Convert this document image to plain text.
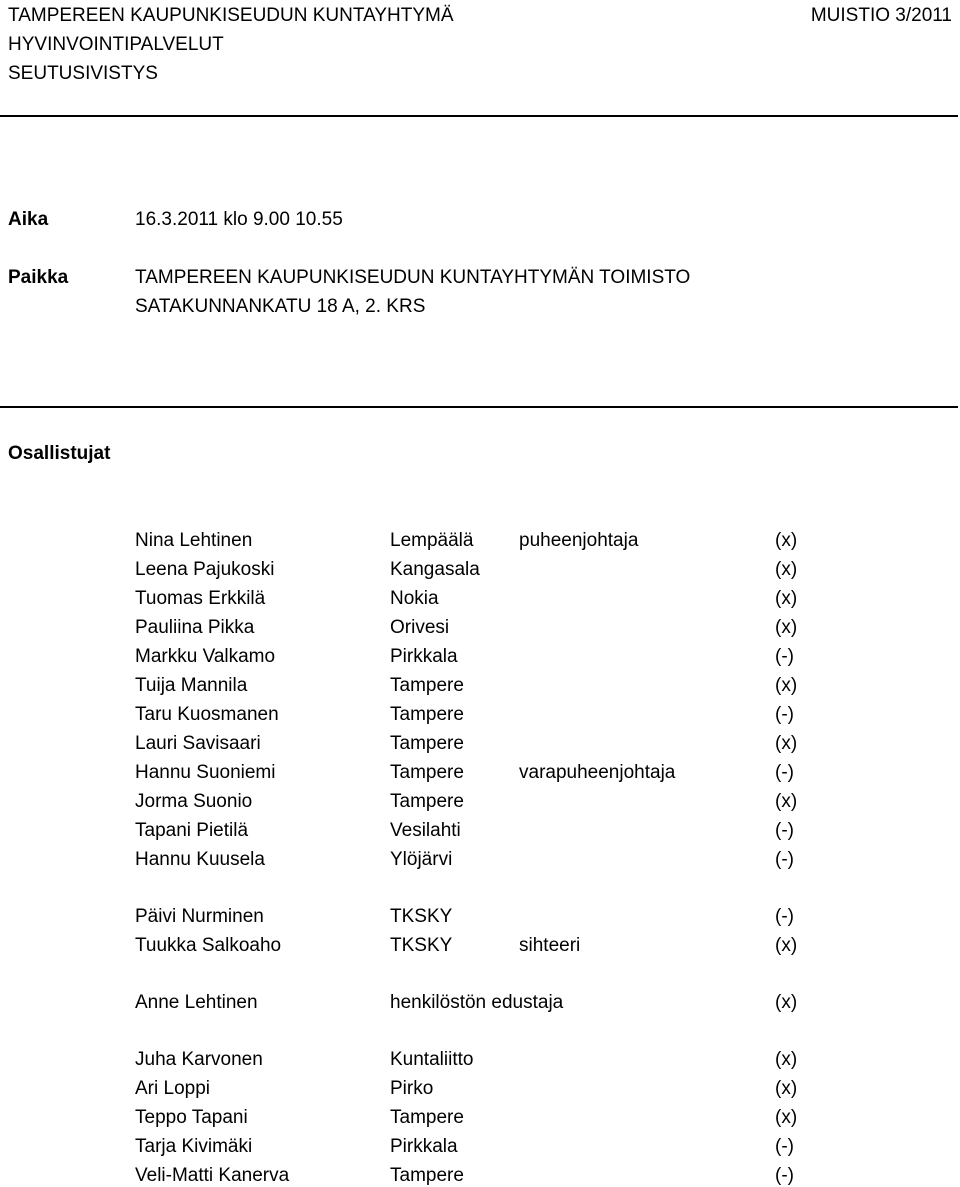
TAMPEREEN KAUPUNKISEUDUN KUNTAYHTYMÄ	MUISTIO 3/2011
HYVINVOINTIPALVELUT
SEUTUSIVISTYS
Aika	16.3.2011 klo 9.00 10.55
Paikka	TAMPEREEN KAUPUNKISEUDUN KUNTAYHTYMÄN TOIMISTO
SATAKUNNANKATU 18 A, 2. KRS
Osallistujat
Nina Lehtinen	Lempäälä puheenjohtaja	(x)
Leena Pajukoski	Kangasala	(x)
Tuomas Erkkilä	Nokia	(x)
Pauliina Pikka	Orivesi	(x)
Markku Valkamo	Pirkkala	(-)
Tuija Mannila	Tampere	(x)
Taru Kuosmanen	Tampere	(-)
Lauri Savisaari	Tampere	(x)
Hannu Suoniemi	Tampere	varapuheenjohtaja	(-)
Jorma Suonio	Tampere	(x)
Tapani Pietilä	Vesilahti	(-)
Hannu Kuusela	Ylöjärvi	(-)
Päivi Nurminen	TKSKY	(-)
Tuukka Salkoaho	TKSKY	sihteeri	(x)
Anne Lehtinen	henkilöstön edustaja	(x)
Juha Karvonen	Kuntaliitto	(x)
Ari Loppi	Pirko	(x)
Teppo Tapani	Tampere	(x)
Tarja Kivimäki	Pirkkala	(-)
Veli-Matti Kanerva	Tampere	(-)
